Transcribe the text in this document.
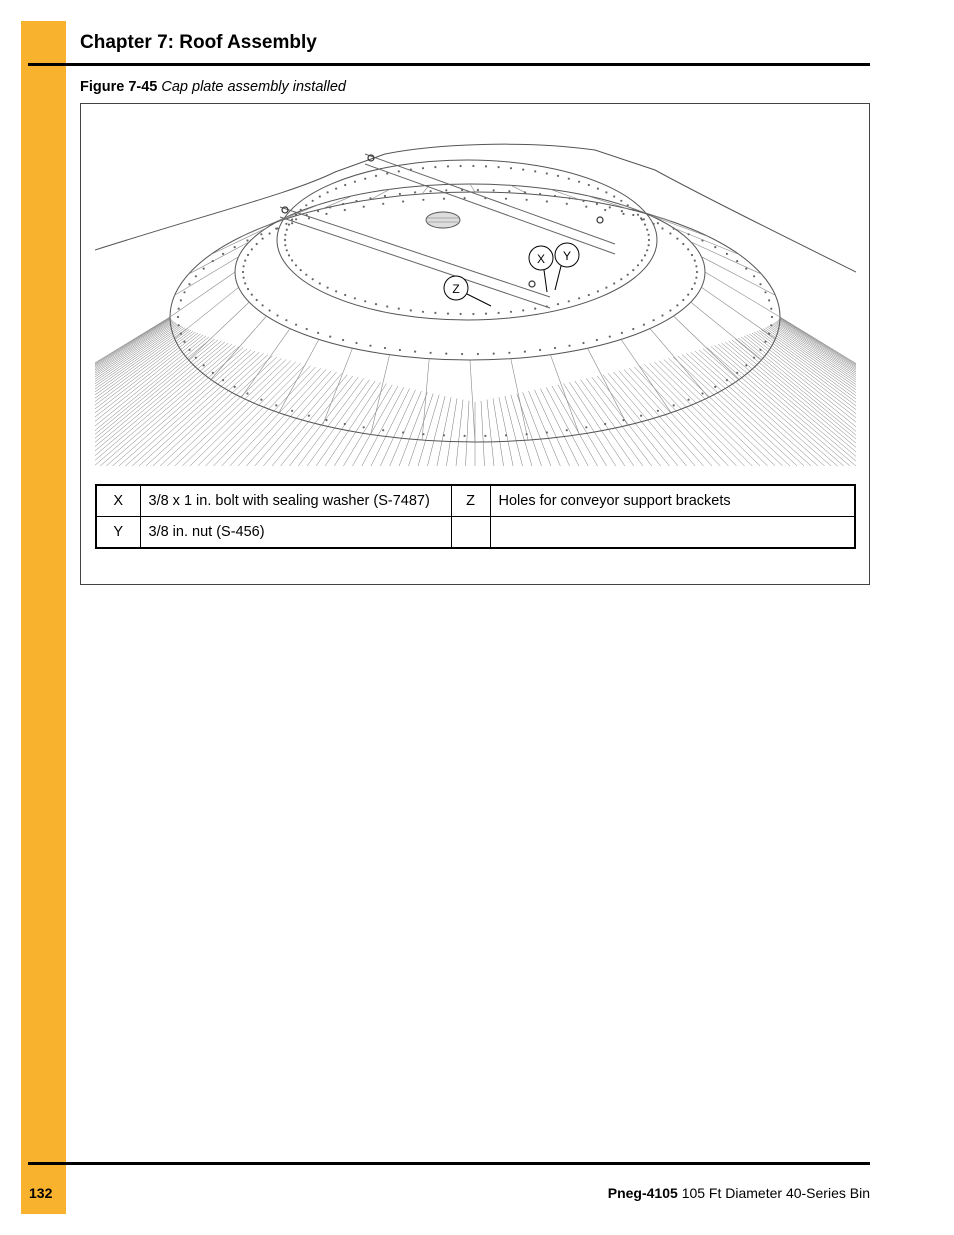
Chapter 7: Roof Assembly
Figure 7-45 Cap plate assembly installed
X Y
Z
X	3/8 x 1 in. bolt with sealing washer (S-7487)	Z	Holes for conveyor support brackets
Y	3/8 in. nut (S-456)		
132	Pneg-4105 105 Ft Diameter 40-Series Bin
